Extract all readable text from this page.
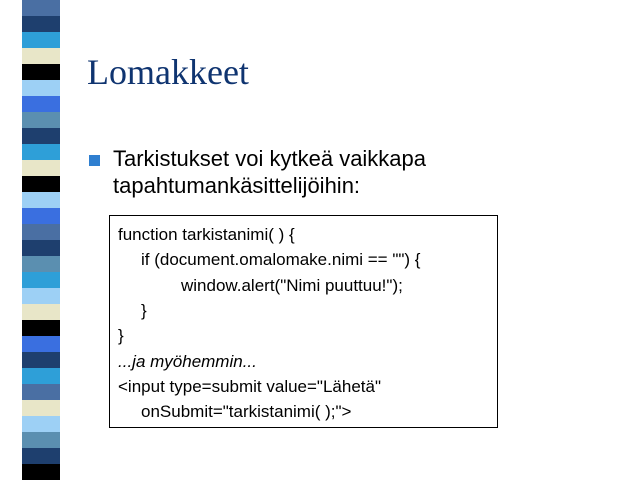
Lomakkeet
Tarkistukset voi kytkeä vaikkapa
tapahtumankäsittelijöihin:
function tarkistanimi( ) {
if (document.omalomake.nimi == "") {
window.alert("Nimi puuttuu!");
}
}
...ja myöhemmin...
<input type=submit value="Lähetä"
onSubmit="tarkistanimi( );">
